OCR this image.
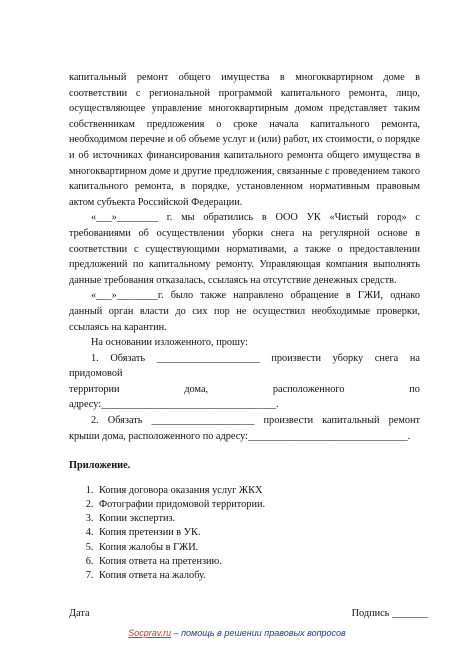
капитальный ремонт общего имущества в многоквартирном доме в соответствии с региональной программой капитального ремонта, лицо, осуществляющее управление многоквартирным домом представляет таким собственникам предложения о сроке начала капитального ремонта, необходимом перечне и об объеме услуг и (или) работ, их стоимости, о порядке и об источниках финансирования капитального ремонта общего имущества в многоквартирном доме и другие предложения, связанные с проведением такого капитального ремонта, в порядке, установленном нормативным правовым актом субъекта Российской Федерации.

«___»________ г. мы обратились в ООО УК «Чистый город» с требованиями об осуществлении уборки снега на регулярной основе в соответствии с существующими нормативами, а также о предоставлении предложений по капитальному ремонту. Управляющая компания выполнять данные требования отказалась, ссылаясь на отсутствие денежных средств.

«___»________г. было также направлено обращение в ГЖИ, однако данный орган власти до сих пор не осуществил необходимые проверки, ссылаясь на карантин.

На основании изложенного, прошу:

1. Обязать ____________________ произвести уборку снега на придомовой

территории	дома,	расположенного	по

адресу:__________________________________.

2. Обязать ____________________ произвести капитальный ремонт крыши дома, расположенного по адресу:_______________________________.

Приложение.
1. Копия договора оказания услуг ЖКХ
2. Фотографии придомовой территории.
3. Копии экспертиз.
4. Копия претензии в УК.
5. Копия жалобы в ГЖИ.
6. Копия ответа на претензию.
7. Копия ответа на жалобу.
Дата	Подпись _______
Socprav.ru – помощь в решении правовых вопросов
